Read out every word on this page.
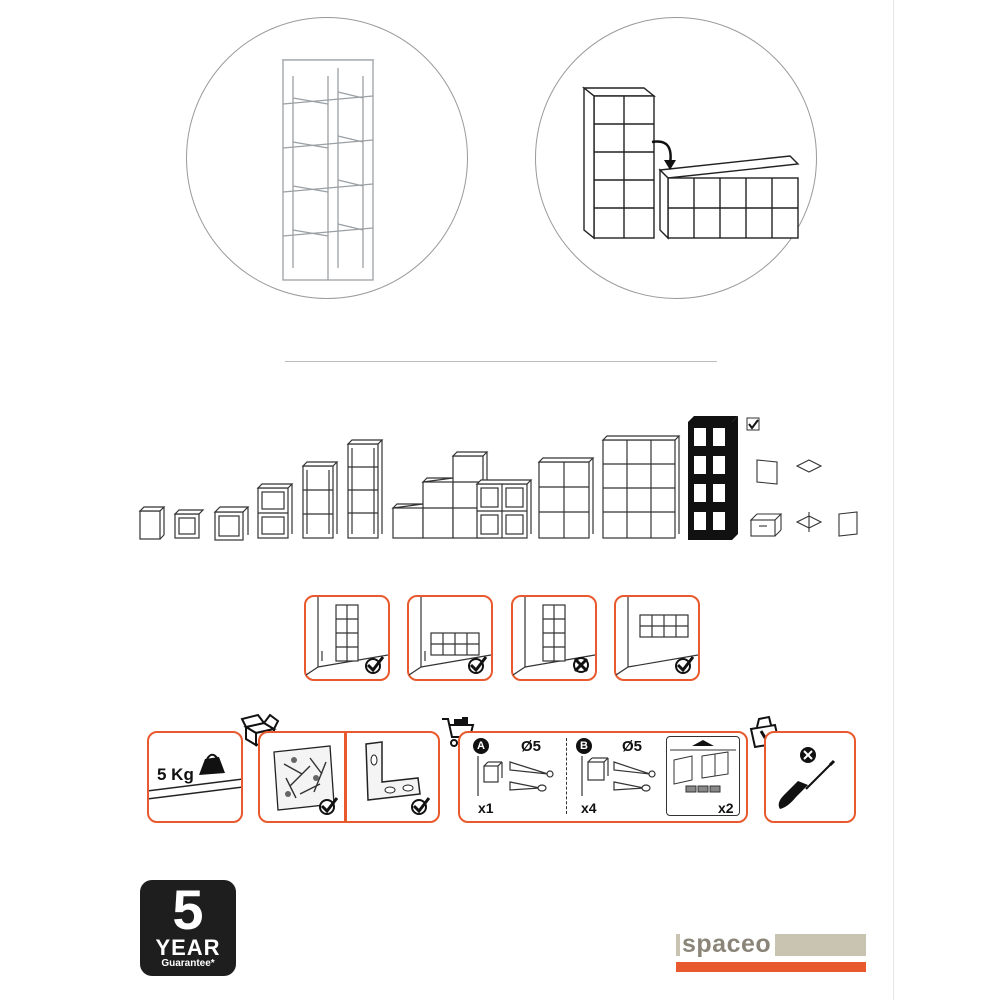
5 Kg
A Ø5
x1
B Ø5
x4	x2
5
YEAR
Guarantee*
spaceo
